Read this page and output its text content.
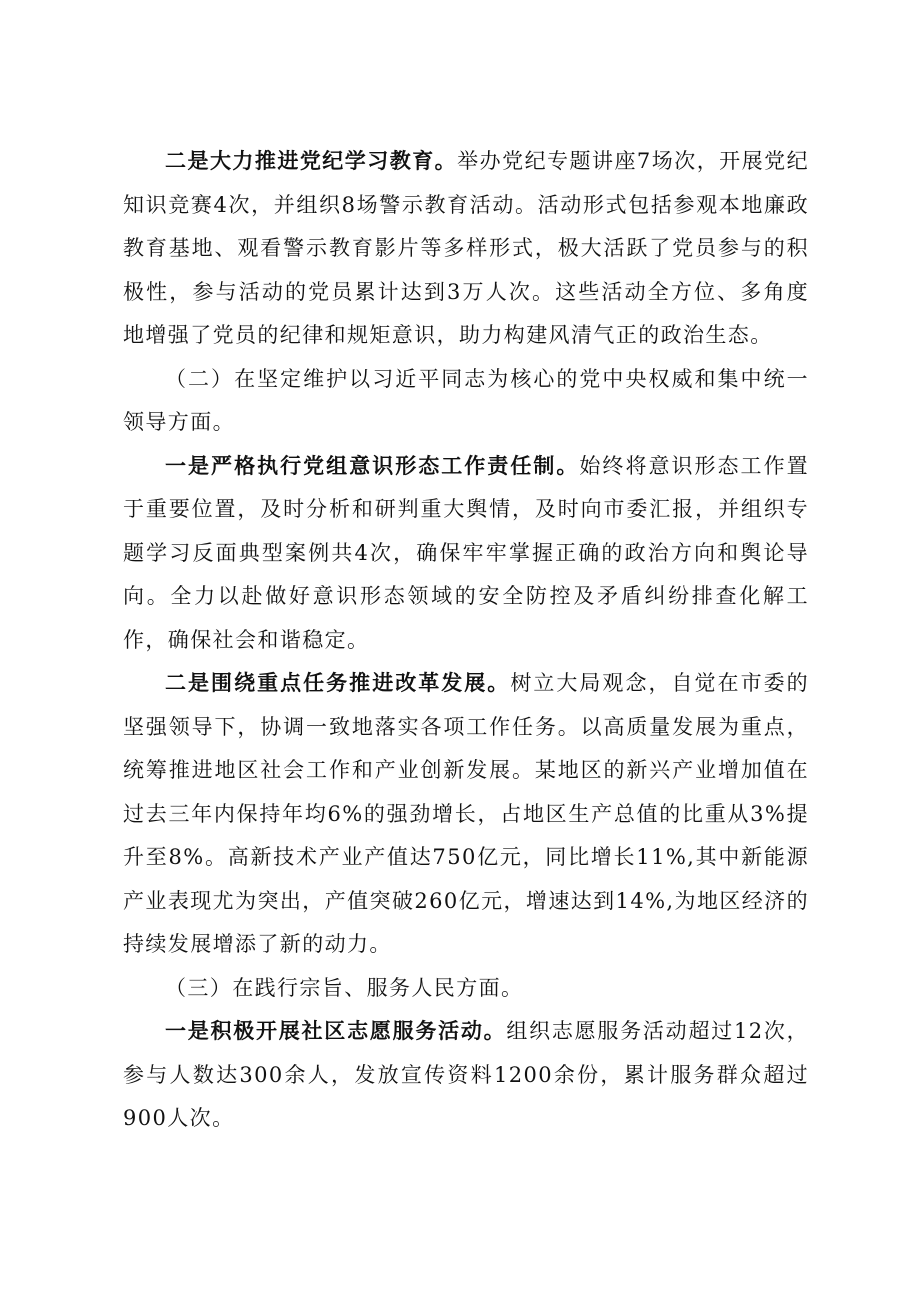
二是大力推进党纪学习教育。举办党纪专题讲座7场次，开展党纪知识竞赛4次，并组织8场警示教育活动。活动形式包括参观本地廉政教育基地、观看警示教育影片等多样形式，极大活跃了党员参与的积极性，参与活动的党员累计达到3万人次。这些活动全方位、多角度地增强了党员的纪律和规矩意识，助力构建风清气正的政治生态。

（二）在坚定维护以习近平同志为核心的党中央权威和集中统一领导方面。

一是严格执行党组意识形态工作责任制。始终将意识形态工作置于重要位置，及时分析和研判重大舆情，及时向市委汇报，并组织专题学习反面典型案例共4次，确保牢牢掌握正确的政治方向和舆论导向。全力以赴做好意识形态领域的安全防控及矛盾纠纷排查化解工作，确保社会和谐稳定。

二是围绕重点任务推进改革发展。树立大局观念，自觉在市委的坚强领导下，协调一致地落实各项工作任务。以高质量发展为重点，统筹推进地区社会工作和产业创新发展。某地区的新兴产业增加值在过去三年内保持年均6%的强劲增长，占地区生产总值的比重从3%提升至8%。高新技术产业产值达750亿元，同比增长11%,其中新能源产业表现尤为突出，产值突破260亿元，增速达到14%,为地区经济的持续发展增添了新的动力。

（三）在践行宗旨、服务人民方面。

一是积极开展社区志愿服务活动。组织志愿服务活动超过12次，参与人数达300余人，发放宣传资料1200余份，累计服务群众超过900人次。
